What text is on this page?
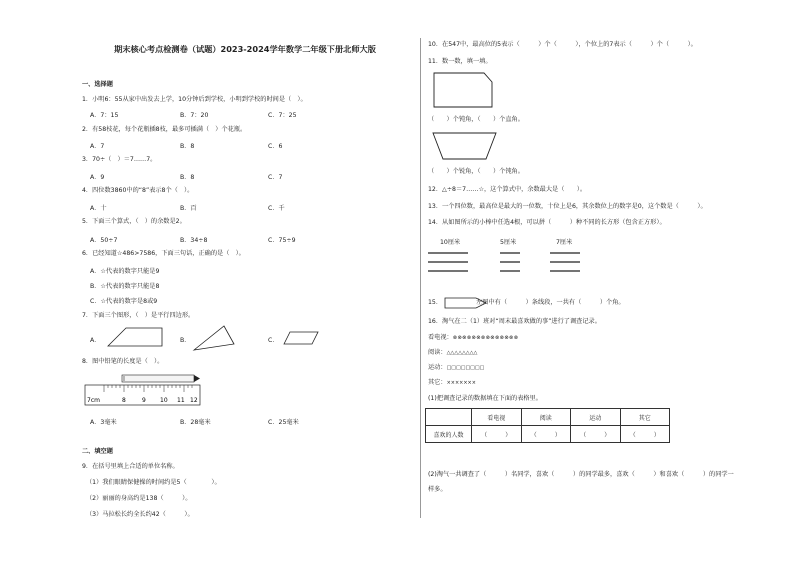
期末核心考点检测卷（试题）2023-2024学年数学二年级下册北师大版
一、选择题
1．小明6：55从家中出发去上学，10分钟后到学校，小明到学校的时间是（　）。
A．7：15	B．7：20	C．7：25
2．有58枝花，每个花瓶插8枝，最多可插满（　）个花瓶。
A．7	B．8	C．6
3．70÷（　）＝7……7。
A．9	B．8	C．7
4．四位数3860中的“8”表示8个（　）。
A．十	B．百	C．千
5．下面三个算式，（　）的余数是2。
A．50÷7	B．34÷8	C．75÷9
6．已经知道☆486>7586，下面三句话，正确的是（　）。
A．☆代表的数字只能是9
B．☆代表的数字只能是8
C．☆代表的数字是8或9
7．下面三个图形，（　）是平行四边形。
A．	B．	C．
8．图中铅笔的长度是（　）。
7cm	8	9 10 11 12
A．3毫米	B．28毫米	C．25毫米
二、填空题
9．在括号里填上合适的单位名称。
（1）我们眼睛保健操的时间约是5（　　　　）。
（2）丽丽的身高约是138（　　　）。
（3）马拉松长约全长约42（　　　）。
10．在547中，最高位的5表示（　　　）个（　　　），个位上的7表示（　　　）个（　　　）。
11．数一数，填一填。
（　　）个钝角，（　　）个直角。
（　　）个锐角，（　　）个钝角。
12．△÷8＝7……☆，这个算式中，余数最大是（　　）。
13．一个四位数，最高位是最大的一位数，十位上是6，其余数位上的数字是0，这个数是（　　　）。
14．从如图所示的小棒中任选4根，可以拼（　　　）种不同的长方形（包含正方形）。
10厘米	5厘米	7厘米
15．　　　　　　左图中有（　　　）条线段，一共有（　　　）个角。
16．淘气在二（1）班对“周末最喜欢做的事”进行了调查记录。
看电视：⊗⊗⊗⊗⊗⊗⊗⊗⊗⊗⊗⊗⊗⊗
阅读：△△△△△△△△
运动：□□□□□□□□
其它：×××××××
(1)把调查记录的数据填在下面的表格里。
	看电视	阅读	运动	其它
喜欢的人数	（　　　）	（　　　）	（　　　）	（　　　）
(2)淘气一共调查了（　　　）名同学，喜欢（　　　）的同学最多，喜欢（　　　）和喜欢（　　　）的同学一
样多。
